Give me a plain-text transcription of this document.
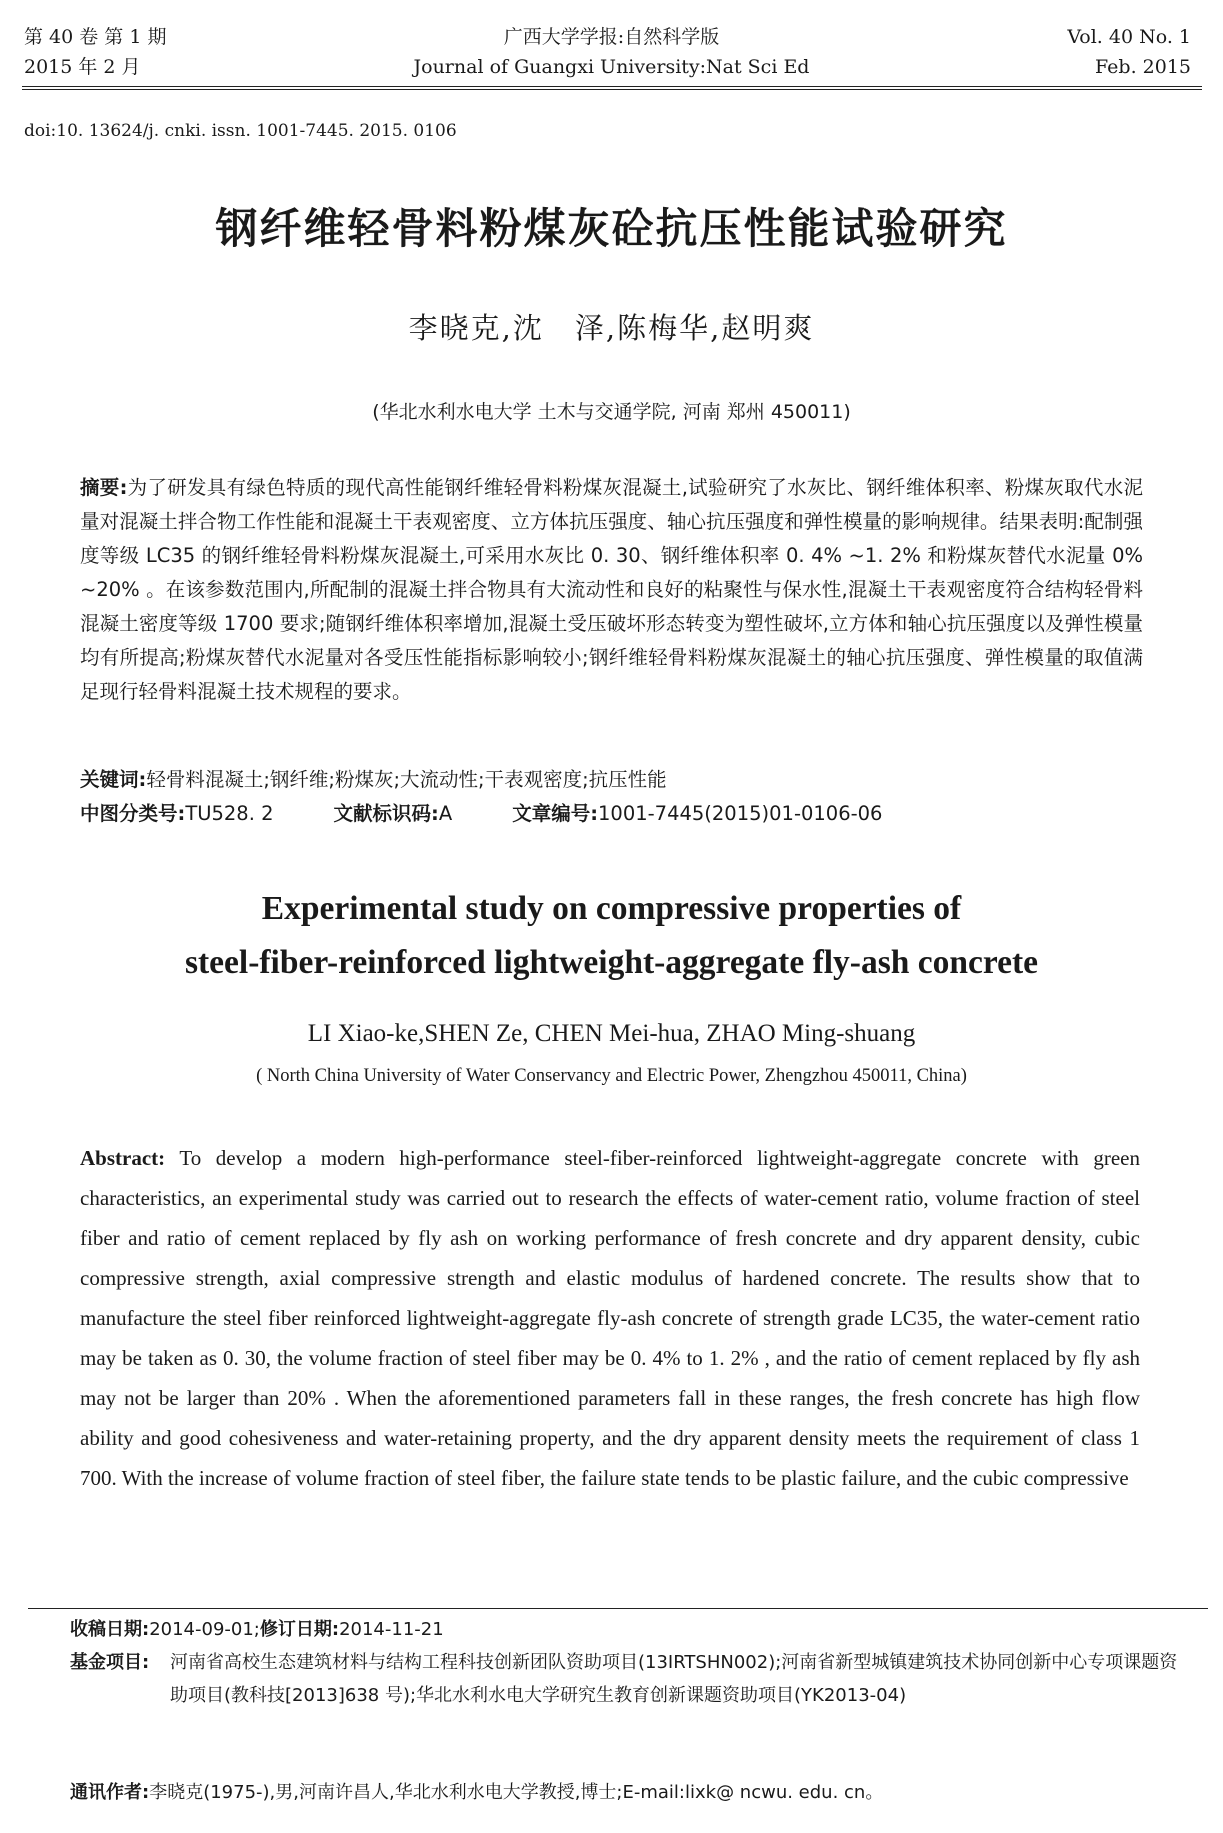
第 40 卷 第 1 期
2015 年 2 月
广西大学学报:自然科学版
Journal of Guangxi University:Nat Sci Ed
Vol. 40 No. 1
Feb. 2015
doi:10. 13624/j. cnki. issn. 1001-7445. 2015. 0106
钢纤维轻骨料粉煤灰砼抗压性能试验研究
李晓克,沈　泽,陈梅华,赵明爽
(华北水利水电大学 土木与交通学院, 河南 郑州 450011)
摘要:为了研发具有绿色特质的现代高性能钢纤维轻骨料粉煤灰混凝土,试验研究了水灰比、钢纤维体积率、粉煤灰取代水泥量对混凝土拌合物工作性能和混凝土干表观密度、立方体抗压强度、轴心抗压强度和弹性模量的影响规律。结果表明:配制强度等级 LC35 的钢纤维轻骨料粉煤灰混凝土,可采用水灰比 0. 30、钢纤维体积率 0. 4% ~1. 2% 和粉煤灰替代水泥量 0% ~20% 。在该参数范围内,所配制的混凝土拌合物具有大流动性和良好的粘聚性与保水性,混凝土干表观密度符合结构轻骨料混凝土密度等级 1700 要求;随钢纤维体积率增加,混凝土受压破坏形态转变为塑性破坏,立方体和轴心抗压强度以及弹性模量均有所提高;粉煤灰替代水泥量对各受压性能指标影响较小;钢纤维轻骨料粉煤灰混凝土的轴心抗压强度、弹性模量的取值满足现行轻骨料混凝土技术规程的要求。
关键词:轻骨料混凝土;钢纤维;粉煤灰;大流动性;干表观密度;抗压性能
中图分类号:TU528. 2	文献标识码:A	文章编号:1001-7445(2015)01-0106-06
Experimental study on compressive properties of
steel-fiber-reinforced lightweight-aggregate fly-ash concrete
LI Xiao-ke,SHEN Ze, CHEN Mei-hua, ZHAO Ming-shuang
( North China University of Water Conservancy and Electric Power, Zhengzhou 450011, China)
Abstract: To develop a modern high-performance steel-fiber-reinforced lightweight-aggregate concrete with green characteristics, an experimental study was carried out to research the effects of water-cement ratio, volume fraction of steel fiber and ratio of cement replaced by fly ash on working performance of fresh concrete and dry apparent density, cubic compressive strength, axial compressive strength and elastic modulus of hardened concrete. The results show that to manufacture the steel fiber reinforced lightweight-aggregate fly-ash concrete of strength grade LC35, the water-cement ratio may be taken as 0. 30, the volume fraction of steel fiber may be 0. 4% to 1. 2% , and the ratio of cement replaced by fly ash may not be larger than 20% . When the aforementioned parameters fall in these ranges, the fresh concrete has high flow ability and good cohesiveness and water-retaining property, and the dry apparent density meets the requirement of class 1 700. With the increase of volume fraction of steel fiber, the failure state tends to be plastic failure, and the cubic compressive
收稿日期:2014-09-01;修订日期:2014-11-21
基金项目: 河南省高校生态建筑材料与结构工程科技创新团队资助项目(13IRTSHN002);河南省新型城镇建筑技术协同创新中心专项课题资助项目(教科技[2013]638 号);华北水利水电大学研究生教育创新课题资助项目(YK2013-04)
通讯作者:李晓克(1975-),男,河南许昌人,华北水利水电大学教授,博士;E-mail:lixk@ ncwu. edu. cn。
